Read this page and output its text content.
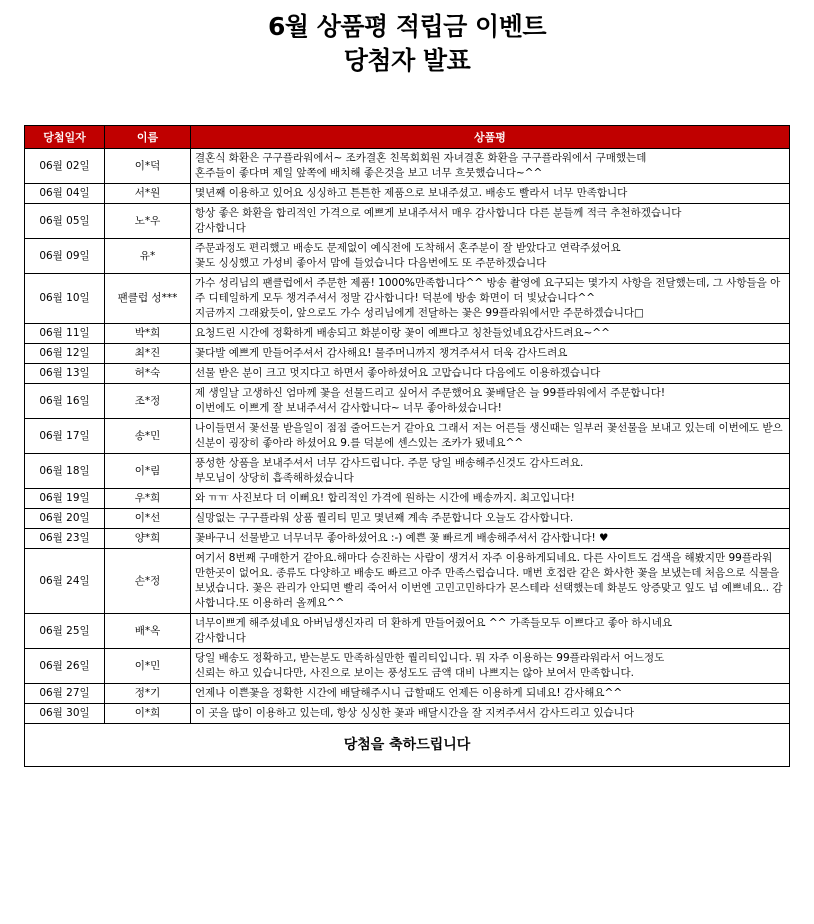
6월 상품평 적립금 이벤트
당첨자 발표
당첨일자	이름	상품평
06월 02일	이*덕	결혼식 화환은 구구플라워에서~ 조카결혼 친목회회원 자녀결혼 화환을 구구플라워에서 구매했는데
혼주들이 좋다며 제일 앞쪽에 배치해 좋은것을 보고 너무 흐뭇했습니다~^^
06월 04일	서*원	몇년째 이용하고 있어요 싱싱하고 튼튼한 제품으로 보내주셨고. 배송도 빨라서 너무 만족합니다
06월 05일	노*우	항상 좋은 화환을 합리적인 가격으로 예쁘게 보내주셔서 매우 감사합니다 다른 분들께 적극 추천하겠습니다
감사합니다
06월 09일	유*	주문과정도 편리했고 배송도 문제없이 예식전에 도착해서 혼주분이 잘 받았다고 연락주셨어요
꽃도 싱싱했고 가성비 좋아서 맘에 들었습니다 다음번에도 또 주문하겠습니다
06월 10일	팬클럽 성***	가수 성리님의 팬클럽에서 주문한 제품! 1000%만족합니다^^ 방송 촬영에 요구되는 몇가지 사항을 전달했는데, 그 사항들을 아주 디테일하게 모두 챙겨주셔서 정말 감사합니다! 덕분에 방송 화면이 더 빛났습니다^^
지금까지 그래왔듯이, 앞으로도 가수 성리님에게 전달하는 꽃은 99플라워에서만 주문하겠습니다□
06월 11일	박*희	요청드린 시간에 정확하게 배송되고 화분이랑 꽃이 예쁘다고 칭찬들었네요감사드려요~^^
06월 12일	최*진	꽃다발 예쁘게 만들어주셔서 감사해요! 물주머니까지 챙겨주셔서 더욱 감사드려요
06월 13일	허*숙	선물 받은 분이 크고 멋지다고 하면서 좋아하셨어요 고맙습니다 다음에도 이용하겠습니다
06월 16일	조*정	제 생일날 고생하신 엄마께 꽃을 선물드리고 싶어서 주문했어요 꽃배달은 늘 99플라워에서 주문합니다!
이번에도 이쁘게 잘 보내주셔서 감사합니다~ 너무 좋아하셨습니다!
06월 17일	송*민	나이들면서 꽃선물 받을일이 점점 줄어드는거 같아요 그래서 저는 어른들 생신때는 일부러 꽃선물을 보내고 있는데 이번에도 받으신분이 굉장히 좋아라 하셨어요 9.를 덕분에 센스있는 조카가 됐네요^^
06월 18일	이*림	풍성한 상품을 보내주셔서 너무 감사드립니다. 주문 당일 배송해주신것도 감사드려요.
부모님이 상당히 흡족해하셨습니다
06월 19일	우*희	와 ㅠㅠ 사진보다 더 이뻐요! 합리적인 가격에 원하는 시간에 배송까지. 최고입니다!
06월 20일	이*선	실망없는 구구플라워 상품 퀄리티 믿고 몇년째 계속 주문합니다 오늘도 감사합니다.
06월 23일	양*희	꽃바구니 선물받고 너무너무 좋아하셨어요 :-) 예쁜 꽃 빠르게 배송해주셔서 감사합니다! ♥
06월 24일	손*정	여기서 8번째 구매한거 같아요.해마다 승진하는 사람이 생겨서 자주 이용하게되네요. 다른 사이트도 검색을 해봤지만 99플라워 만한곳이 없어요. 종류도 다양하고 배송도 빠르고 아주 만족스럽습니다. 매번 호접란 같은 화사한 꽃을 보냈는데 처음으로 식물을 보냈습니다. 꽃은 관리가 안되면 빨리 죽어서 이번엔 고민고민하다가 몬스테라 선택했는데 화분도 앙증맞고 잎도 넘 예쁘네요.. 감사합니다.또 이용하러 올께요^^
06월 25일	배*옥	너무이쁘게 해주셨네요 아버님생신자리 더 환하게 만들어줬어요 ^^ 가족들모두 이쁘다고 좋아 하시네요
감사합니다
06월 26일	이*민	당일 배송도 정확하고, 받는분도 만족하실만한 퀄리티입니다. 뭐 자주 이용하는 99플라워라서 어느정도
신뢰는 하고 있습니다만, 사진으로 보이는 풍성도도 금액 대비 나쁘지는 않아 보여서 만족합니다.
06월 27일	정*기	언제나 이쁜꽃을 정확한 시간에 배달해주시니 급할때도 언제든 이용하게 되네요! 감사해요^^
06월 30일	이*희	이 곳을 많이 이용하고 있는데, 항상 싱싱한 꽃과 배달시간을 잘 지켜주셔서 감사드리고 있습니다
당첨을 축하드립니다		
